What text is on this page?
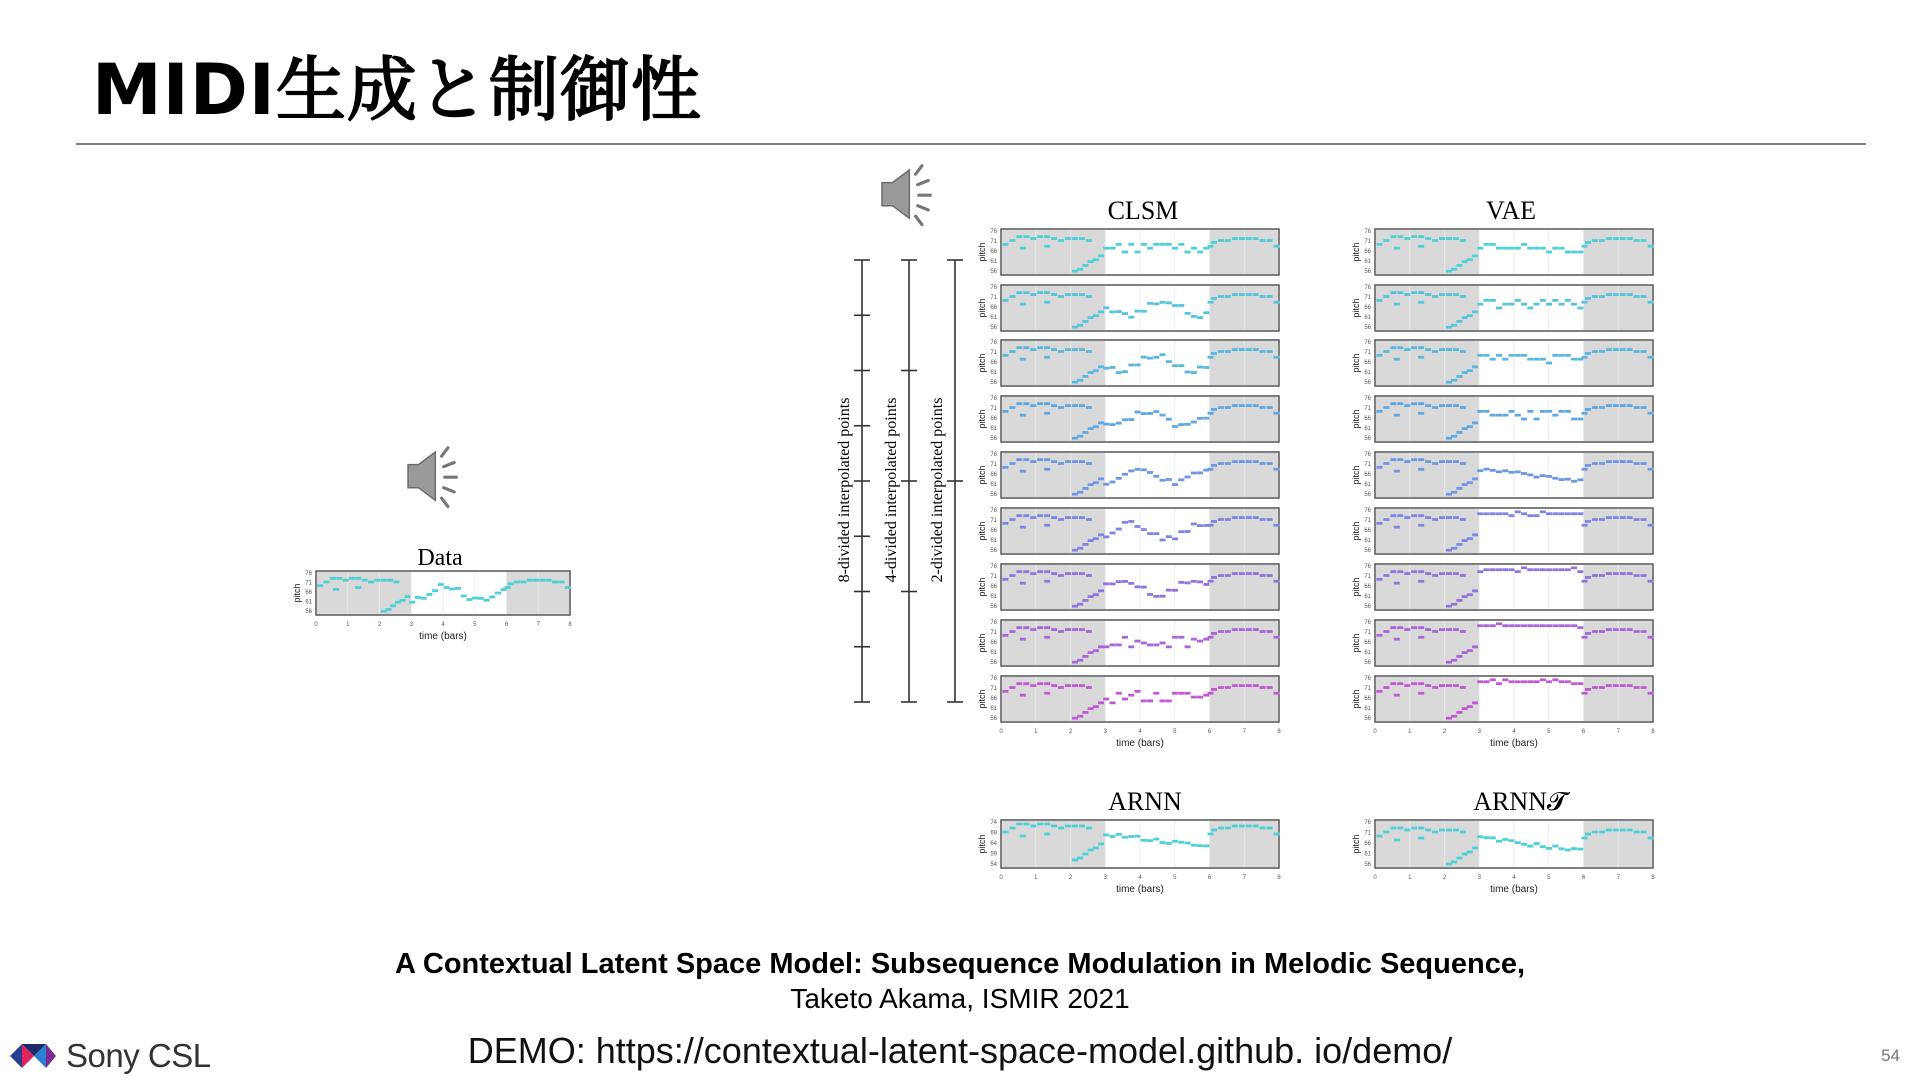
MIDI生成と制御性
Data
CLSM	VAE
ARNN	ARNN𝓣
8-divided interpolated points 4-divided interpolated points 2-divided interpolated points
76
71
66
61
56
pitch
0	1	2	3	4	5	6	7	8
time (bars)
76
71
66
61
56
pitch
76
71
66
61
56
pitch
76
71
66
61
56
pitch
76
71
66
61
56
pitch
76
71
66
61
56
pitch
76
71
66
61
56
pitch
76
71
66
61
56
pitch
76
71
66
61
56
pitch
76
71
66
61
56
pitch
76
71
66
61
56
pitch
76
71
66
61
56
pitch
76
71
66
61
56
pitch
76
71
66
61
56
pitch
76
71
66
61
56
pitch
76
71
66
61
56
pitch
76
71
66
61
56
pitch
76
71
66
61
56
pitch
0	1	2	3	4	5	6	7	8
time (bars)
76
71
66
61
56
pitch
0	1	2	3	4	5	6	7	8
time (bars)
74
69
64
59
54
pitch
0	1	2	3	4	5	6	7	8
time (bars)
76
71
66
61
56
pitch
0	1	2	3	4	5	6	7	8
time (bars)
A Contextual Latent Space Model: Subsequence Modulation in Melodic Sequence,
Taketo Akama, ISMIR 2021
DEMO: https://contextual-latent-space-model.github. io/demo/
Sony CSL	54
